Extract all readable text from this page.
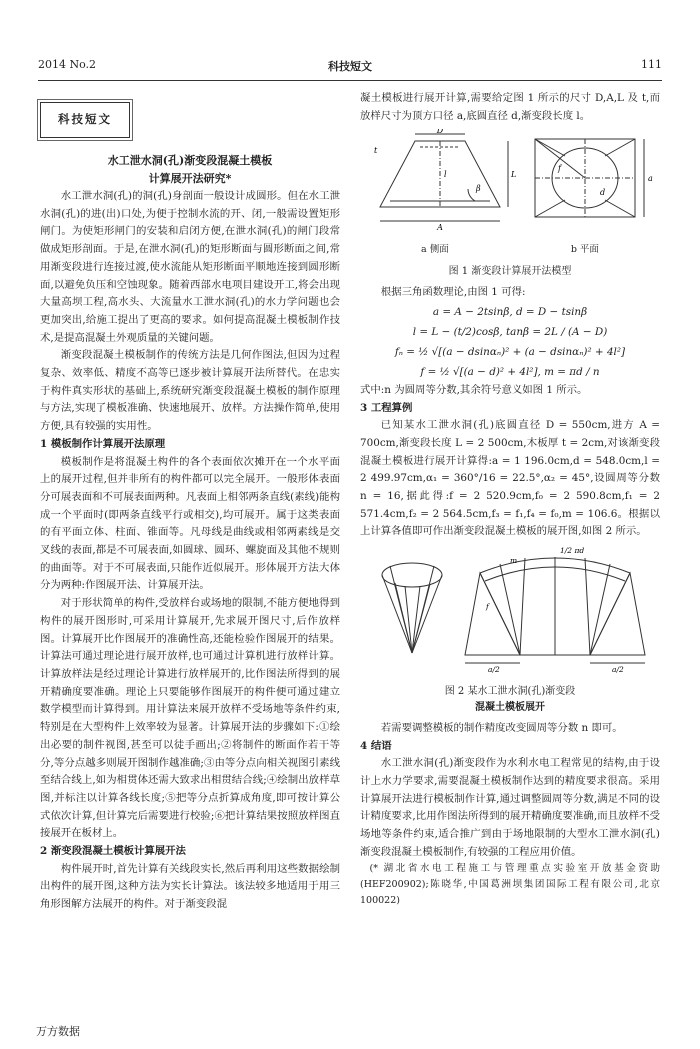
2014 No.2	科技短文	111
科技短文
水工泄水洞(孔)渐变段混凝土模板
计算展开法研究*

水工泄水洞(孔)的洞(孔)身剖面一般设计成圆形。但在水工泄水洞(孔)的进(出)口处,为便于控制水流的开、闭,一般需设置矩形闸门。为使矩形闸门的安装和启闭方便,在泄水洞(孔)的闸门段常做成矩形剖面。于是,在泄水洞(孔)的矩形断面与圆形断面之间,常用渐变段进行连接过渡,使水流能从矩形断面平顺地连接到圆形断面,以避免负压和空蚀现象。随着西部水电项目建设开工,将会出现大量高坝工程,高水头、大流量水工泄水洞(孔)的水力学问题也会更加突出,给施工提出了更高的要求。如何提高混凝土模板制作技术,是提高混凝土外观质量的关键问题。

渐变段混凝土模板制作的传统方法是几何作图法,但因为过程复杂、效率低、精度不高等已逐步被计算展开法所替代。在忠实于构件真实形状的基础上,系统研究渐变段混凝土模板的制作原理与方法,实现了模板准确、快速地展开、放样。方法操作简单,使用方便,具有较强的实用性。

1 模板制作计算展开法原理

模板制作是将混凝土构件的各个表面依次摊开在一个水平面上的展开过程,但并非所有的构件都可以完全展开。一般形体表面分可展表面和不可展表面两种。凡表面上相邻两条直线(素线)能构成一个平面时(即两条直线平行或相交),均可展开。属于这类表面的有平面立体、柱面、锥面等。凡母线是曲线或相邻两素线是交叉线的表面,都是不可展表面,如圆球、圆环、螺旋面及其他不规则的曲面等。对于不可展表面,只能作近似展开。形体展开方法大体分为两种:作图展开法、计算展开法。

对于形状简单的构件,受放样台或场地的限制,不能方便地得到构件的展开图形时,可采用计算展开,先求展开图尺寸,后作放样图。计算展开比作图展开的准确性高,还能检验作图展开的结果。计算法可通过理论进行展开放样,也可通过计算机进行放样计算。计算放样法是经过理论计算进行放样展开的,比作图法所得到的展开精确度要准确。理论上只要能够作图展开的构件便可通过建立数学模型而计算得到。用计算法来展开放样不受场地等条件约束,特别是在大型构件上效率较为显著。计算展开法的步骤如下:①绘出必要的制件视图,甚至可以徒手画出;②将制件的断面作若干等分,等分点越多则展开图制作越准确;③由等分点向相关视图引素线至结合线上,如为相贯体还需大致求出相贯结合线;④绘制出放样草图,并标注以计算各线长度;⑤把等分点折算成角度,即可按计算公式依次计算,但计算完后需要进行校验;⑥把计算结果按照放样图直接展开在板材上。

2 渐变段混凝土模板计算展开法

构件展开时,首先计算有关线段实长,然后再利用这些数据绘制出构件的展开图,这种方法为实长计算法。该法较多地适用于用三角形图解方法展开的构件。对于渐变段混

凝土模板进行展开计算,需要给定图 1 所示的尺寸 D,A,L 及 t,而放样尺寸为顶方口径 a,底圆直径 d,渐变段长度 l。

D
t
A
L
l
β
f
d
a
a 侧面	b 平面
图 1 渐变段计算展开法模型

根据三角函数理论,由图 1 可得:

a = A − 2tsinβ, d = D − tsinβ
l = L − (t/2)cosβ, tanβ = 2L / (A − D)
fₙ = ½ √[(a − dsinαₙ)² + (a − dsinαₙ)² + 4l²]
f = ½ √[(a − d)² + 4l²], m = πd / n

式中:n 为圆周等分数,其余符号意义如图 1 所示。

3 工程算例

已知某水工泄水洞(孔)底圆直径 D = 550cm,进方 A = 700cm,渐变段长度 L = 2 500cm,木板厚 t = 2cm,对该渐变段混凝土模板进行展开计算得:a = 1 196.0cm,d = 548.0cm,l = 2 499.97cm,α₁ = 360°/16 = 22.5°,α₂ = 45°,设圆周等分数 n = 16,据此得:f = 2 520.9cm,f₀ = 2 590.8cm,f₁ = 2 571.4cm,f₂ = 2 564.5cm,f₃ = f₁,f₄ = f₀,m = 106.6。根据以上计算各值即可作出渐变段混凝土模板的展开图,如图 2 所示。

1/2 πd
m
f
a/2	a/2
图 2 某水工泄水洞(孔)渐变段
混凝土模板展开

若需要调整模板的制作精度改变圆周等分数 n 即可。

4 结语

水工泄水洞(孔)渐变段作为水利水电工程常见的结构,由于设计上水力学要求,需要混凝土模板制作达到的精度要求很高。采用计算展开法进行模板制作计算,通过调整圆周等分数,满足不同的设计精度要求,比用作图法所得到的展开精确度要准确,而且放样不受场地等条件约束,适合推广到由于场地限制的大型水工泄水洞(孔)渐变段混凝土模板制作,有较强的工程应用价值。

(* 湖北省水电工程施工与管理重点实验室开放基金资助(HEF200902);陈晓华,中国葛洲坝集团国际工程有限公司,北京 100022)

万方数据
